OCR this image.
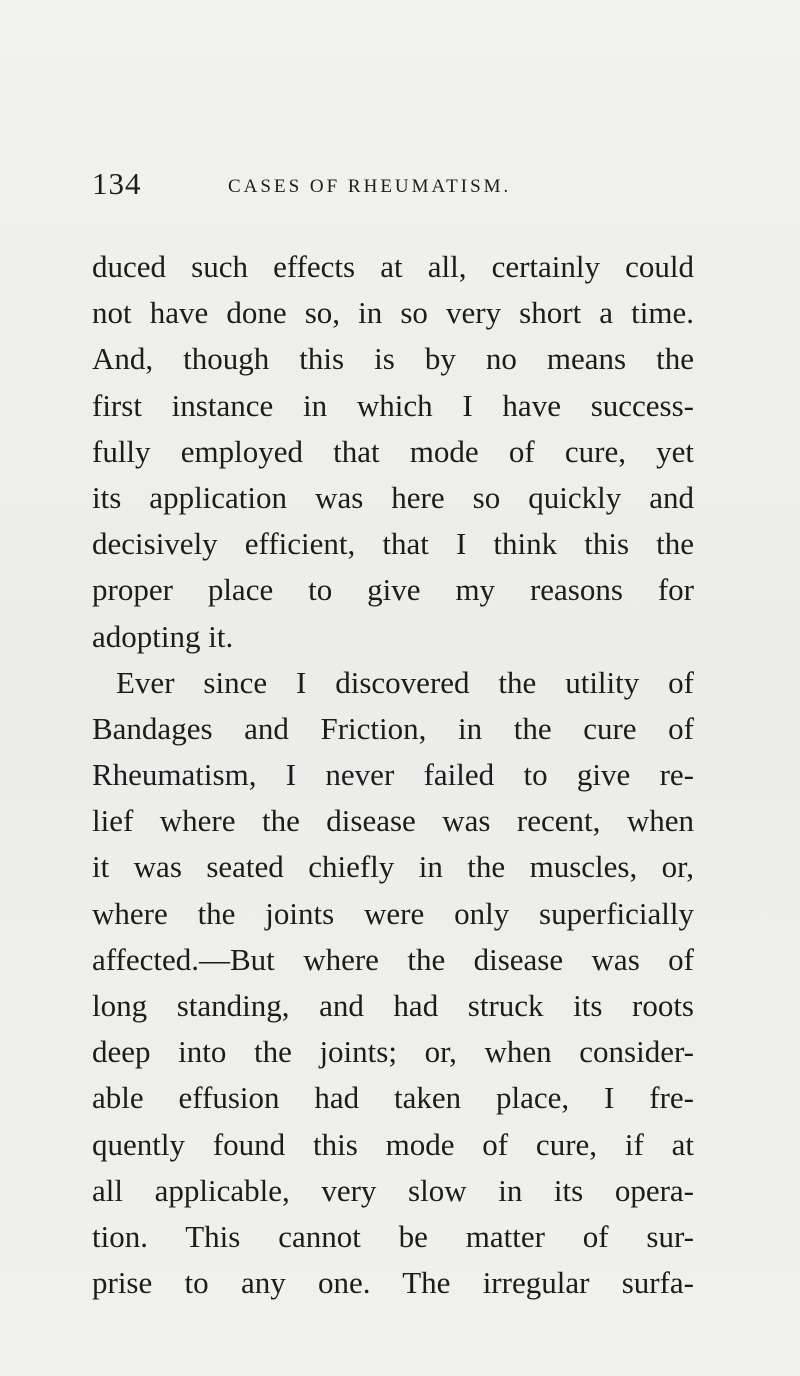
134	CASES OF RHEUMATISM.
duced such effects at all, certainly could
not have done so, in so very short a time.
And, though this is by no means the
first instance in which I have success-
fully employed that mode of cure, yet
its application was here so quickly and
decisively efficient, that I think this the
proper place to give my reasons for
adopting it.
Ever since I discovered the utility of
Bandages and Friction, in the cure of
Rheumatism, I never failed to give re-
lief where the disease was recent, when
it was seated chiefly in the muscles, or,
where the joints were only superficially
affected.—But where the disease was of
long standing, and had struck its roots
deep into the joints; or, when consider-
able effusion had taken place, I fre-
quently found this mode of cure, if at
all applicable, very slow in its opera-
tion. This cannot be matter of sur-
prise to any one. The irregular surfa-
